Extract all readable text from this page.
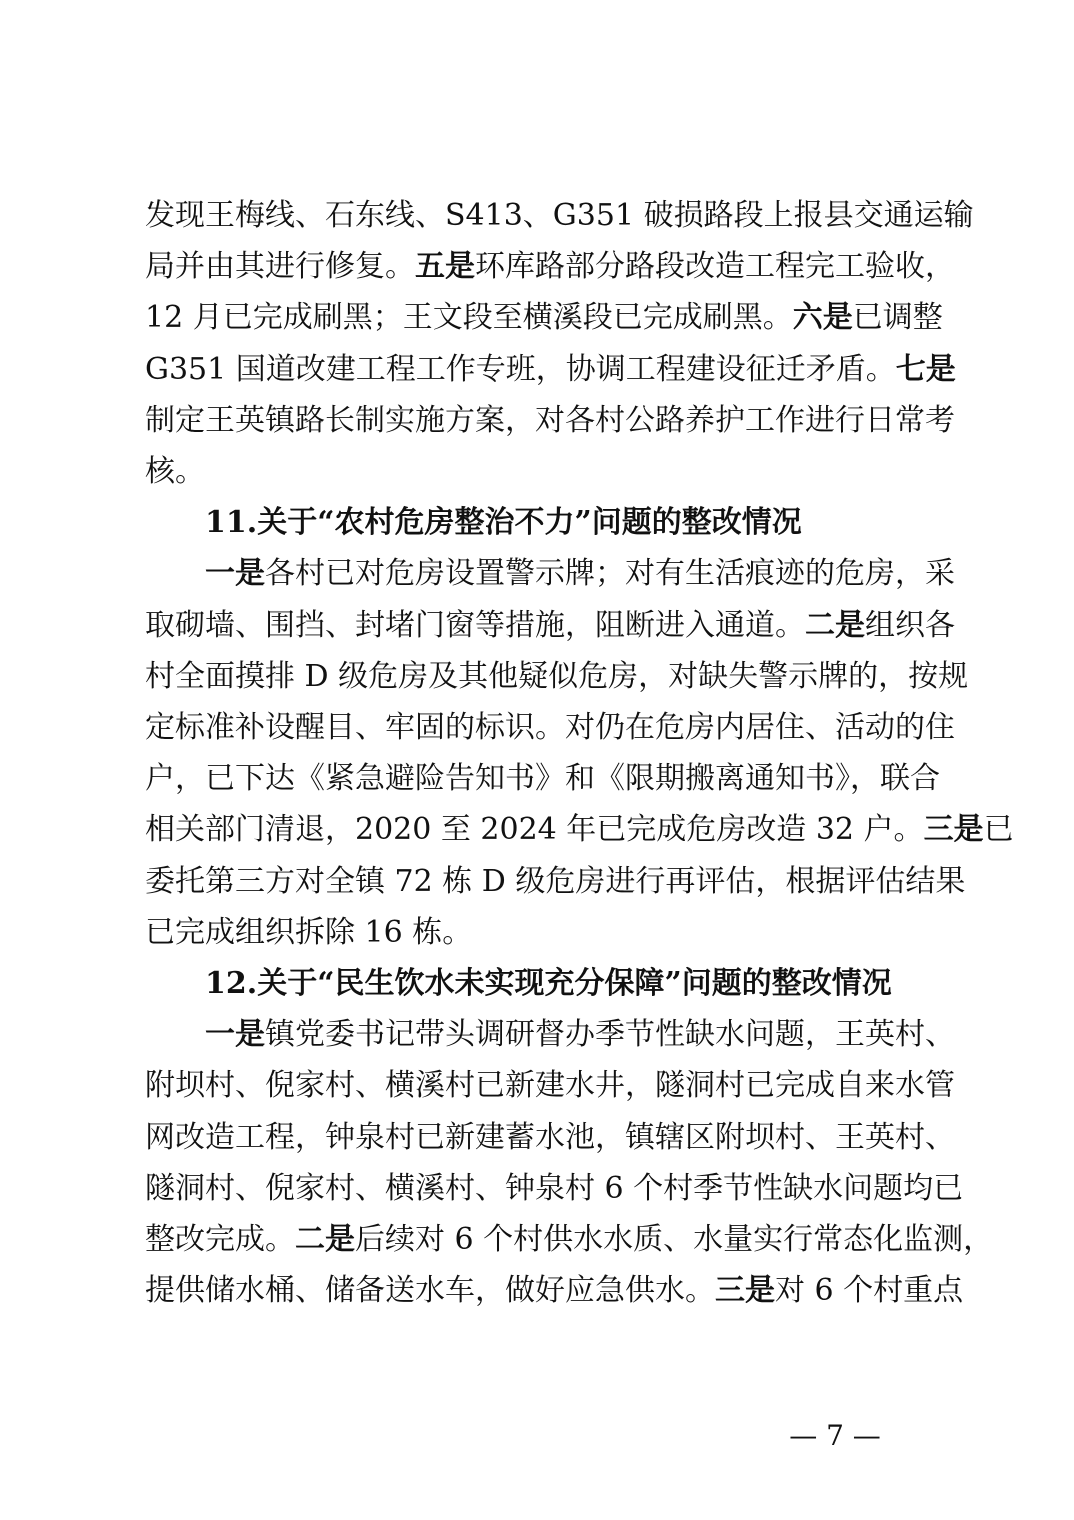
发现王梅线、石东线、S413、G351 破损路段上报县交通运输
局并由其进行修复。五是环库路部分路段改造工程完工验收，
12 月已完成刷黑；王文段至横溪段已完成刷黑。六是已调整
G351 国道改建工程工作专班，协调工程建设征迁矛盾。七是
制定王英镇路长制实施方案，对各村公路养护工作进行日常考
核。
11.关于“农村危房整治不力”问题的整改情况
一是各村已对危房设置警示牌；对有生活痕迹的危房，采
取砌墙、围挡、封堵门窗等措施，阻断进入通道。二是组织各
村全面摸排 D 级危房及其他疑似危房，对缺失警示牌的，按规
定标准补设醒目、牢固的标识。对仍在危房内居住、活动的住
户，已下达《紧急避险告知书》和《限期搬离通知书》，联合
相关部门清退，2020 至 2024 年已完成危房改造 32 户。三是已
委托第三方对全镇 72 栋 D 级危房进行再评估，根据评估结果
已完成组织拆除 16 栋。
12.关于“民生饮水未实现充分保障”问题的整改情况
一是镇党委书记带头调研督办季节性缺水问题，王英村、
附坝村、倪家村、横溪村已新建水井，隧洞村已完成自来水管
网改造工程，钟泉村已新建蓄水池，镇辖区附坝村、王英村、
隧洞村、倪家村、横溪村、钟泉村 6 个村季节性缺水问题均已
整改完成。二是后续对 6 个村供水水质、水量实行常态化监测，
提供储水桶、储备送水车，做好应急供水。三是对 6 个村重点
— 7 —
